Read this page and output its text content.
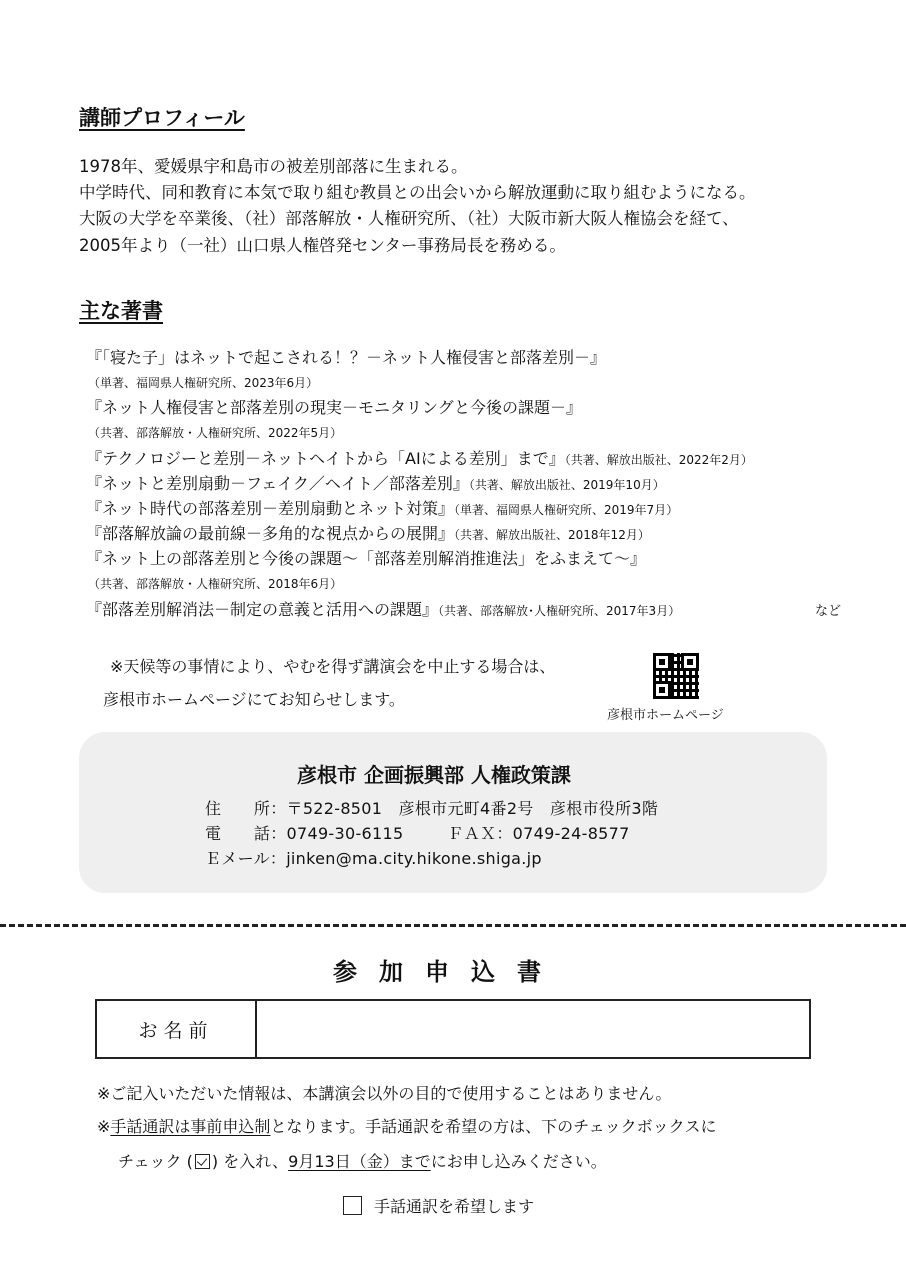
講師プロフィール
1978年、愛媛県宇和島市の被差別部落に生まれる。
中学時代、同和教育に本気で取り組む教員との出会いから解放運動に取り組むようになる。
大阪の大学を卒業後、（社）部落解放・人権研究所、（社）大阪市新大阪人権協会を経て、
2005年より（一社）山口県人権啓発センター事務局長を務める。
主な著書
『「寝た子」はネットで起こされる！？－ネット人権侵害と部落差別－』
（単著、福岡県人権研究所、2023年6月）
『ネット人権侵害と部落差別の現実－モニタリングと今後の課題－』
（共著、部落解放・人権研究所、2022年5月）
『テクノロジーと差別－ネットヘイトから「AIによる差別」まで』（共著、解放出版社、2022年2月）
『ネットと差別扇動－フェイク／ヘイト／部落差別』（共著、解放出版社、2019年10月）
『ネット時代の部落差別－差別扇動とネット対策』（単著、福岡県人権研究所、2019年7月）
『部落解放論の最前線－多角的な視点からの展開』（共著、解放出版社、2018年12月）
『ネット上の部落差別と今後の課題～「部落差別解消推進法」をふまえて～』
（共著、部落解放・人権研究所、2018年6月）
『部落差別解消法－制定の意義と活用への課題』（共著、部落解放･人権研究所、2017年3月）	など
※天候等の事情により、やむを得ず講演会を中止する場合は、
彦根市ホームページにてお知らせします。
彦根市ホームページ
彦根市 企画振興部 人権政策課
住　　所：〒522-8501　彦根市元町4番2号　彦根市役所3階
電　　話：0749-30-6115	ＦＡＸ：0749-24-8577
Ｅメール：jinken@ma.city.hikone.shiga.jp
参加申込書
お名前
※ご記入いただいた情報は、本講演会以外の目的で使用することはありません。
※手話通訳は事前申込制となります。手話通訳を希望の方は、下のチェックボックスに
チェック ( ) を入れ、9月13日（金）までにお申し込みください。
手話通訳を希望します
